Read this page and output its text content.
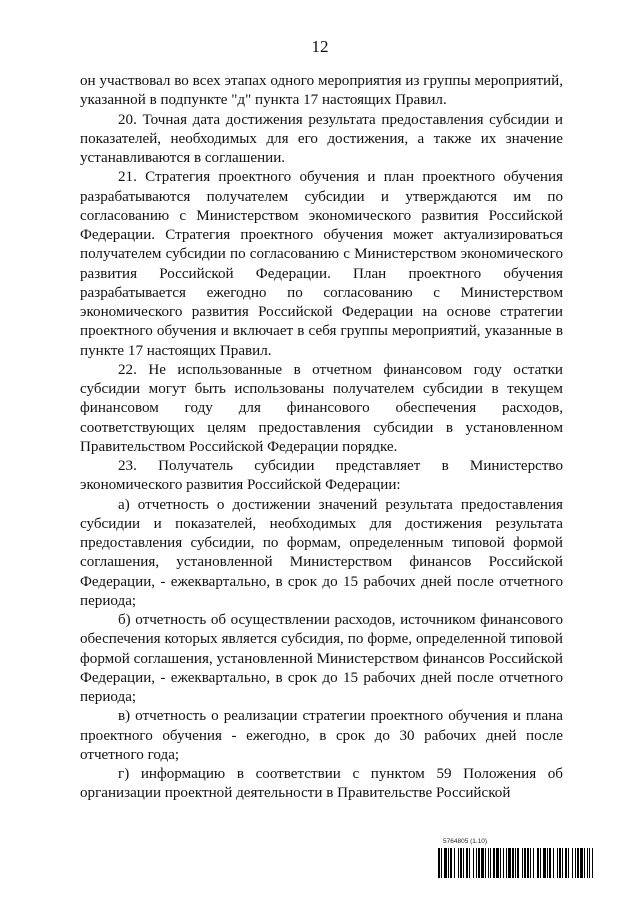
12

он участвовал во всех этапах одного мероприятия из группы мероприятий, указанной в подпункте "д" пункта 17 настоящих Правил.

20. Точная дата достижения результата предоставления субсидии и показателей, необходимых для его достижения, а также их значение устанавливаются в соглашении.

21. Стратегия проектного обучения и план проектного обучения разрабатываются получателем субсидии и утверждаются им по согласованию с Министерством экономического развития Российской Федерации. Стратегия проектного обучения может актуализироваться получателем субсидии по согласованию с Министерством экономического развития Российской Федерации. План проектного обучения разрабатывается ежегодно по согласованию с Министерством экономического развития Российской Федерации на основе стратегии проектного обучения и включает в себя группы мероприятий, указанные в пункте 17 настоящих Правил.

22. Не использованные в отчетном финансовом году остатки субсидии могут быть использованы получателем субсидии в текущем финансовом году для финансового обеспечения расходов, соответствующих целям предоставления субсидии в установленном Правительством Российской Федерации порядке.

23. Получатель субсидии представляет в Министерство экономического развития Российской Федерации:

а) отчетность о достижении значений результата предоставления субсидии и показателей, необходимых для достижения результата предоставления субсидии, по формам, определенным типовой формой соглашения, установленной Министерством финансов Российской Федерации, - ежеквартально, в срок до 15 рабочих дней после отчетного периода;

б) отчетность об осуществлении расходов, источником финансового обеспечения которых является субсидия, по форме, определенной типовой формой соглашения, установленной Министерством финансов Российской Федерации, - ежеквартально, в срок до 15 рабочих дней после отчетного периода;

в) отчетность о реализации стратегии проектного обучения и плана проектного обучения - ежегодно, в срок до 30 рабочих дней после отчетного года;

г) информацию в соответствии с пунктом 59 Положения об организации проектной деятельности в Правительстве Российской

5764805 (1.10)
